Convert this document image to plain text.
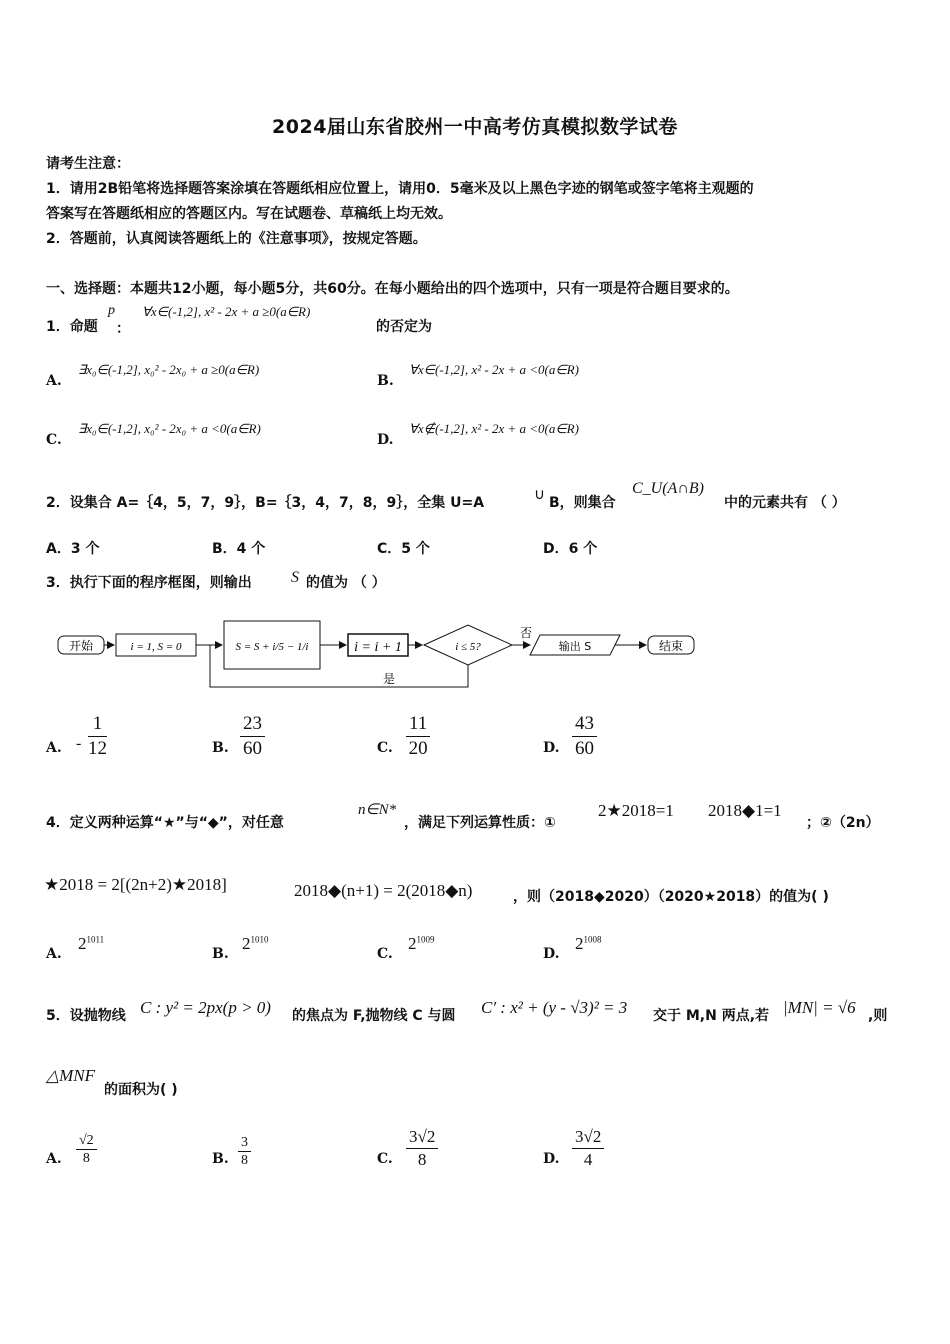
2024届山东省胶州一中高考仿真模拟数学试卷
请考生注意：
1．请用2B铅笔将选择题答案涂填在答题纸相应位置上，请用0．5毫米及以上黑色字迹的钢笔或签字笔将主观题的
答案写在答题纸相应的答题区内。写在试题卷、草稿纸上均无效。
2．答题前，认真阅读答题纸上的《注意事项》，按规定答题。
一、选择题：本题共12小题，每小题5分，共60分。在每小题给出的四个选项中，只有一项是符合题目要求的。
1．命题
p
：
∀x∈(-1,2], x² - 2x + a ≥0(a∈R)
的否定为
A.
∃x₀∈(-1,2], x₀² - 2x₀ + a ≥0(a∈R)
B.
∀x∈(-1,2], x² - 2x + a <0(a∈R)
C.
∃x₀∈(-1,2], x₀² - 2x₀ + a <0(a∈R)
D.
∀x∉(-1,2], x² - 2x + a <0(a∈R)
2．设集合 A=｛4，5，7，9｝，B=｛3，4，7，8，9｝，全集 U=A	∪ B，则集合
C_U(A∩B)
中的元素共有 （ ）
A．3 个	B．4 个	C．5 个	D．6 个
3．执行下面的程序框图，则输出 S 的值为 （ ）
开始	i = 1, S = 0	S = S + i/5 − 1/i	i = i + 1	i ≤ 5?
否
输出 S	结束
是
A. - $\frac{1}{12}$	B. $\frac{23}{60}$	C. $\frac{11}{20}$	D. $\frac{43}{60}$
4．定义两种运算“★”与“◆”，对任意
n∈N*
，满足下列运算性质：①
2★2018=1 2018◆1=1
；②（2n）
★2018 = 2[(2n+2)★2018]	2018◆(n+1) = 2(2018◆n)	，则（2018◆2020）（2020★2018）的值为( )
A.
$2^{1011}$
B.
$2^{1010}$
C.
$2^{1009}$
D.
$2^{1008}$
5．设抛物线 C : y² = 2px(p > 0) 的焦点为 F,抛物线 C 与圆 C′ : x² + (y - √3)² = 3 交于 M,N 两点,若 |MN| = √6 ,则
△MNF
的面积为( )
A. $\frac{√2}{8}$	B. $\frac{3}{8}$	C. $\frac{3√2}{8}$	D. $\frac{3√2}{4}$
